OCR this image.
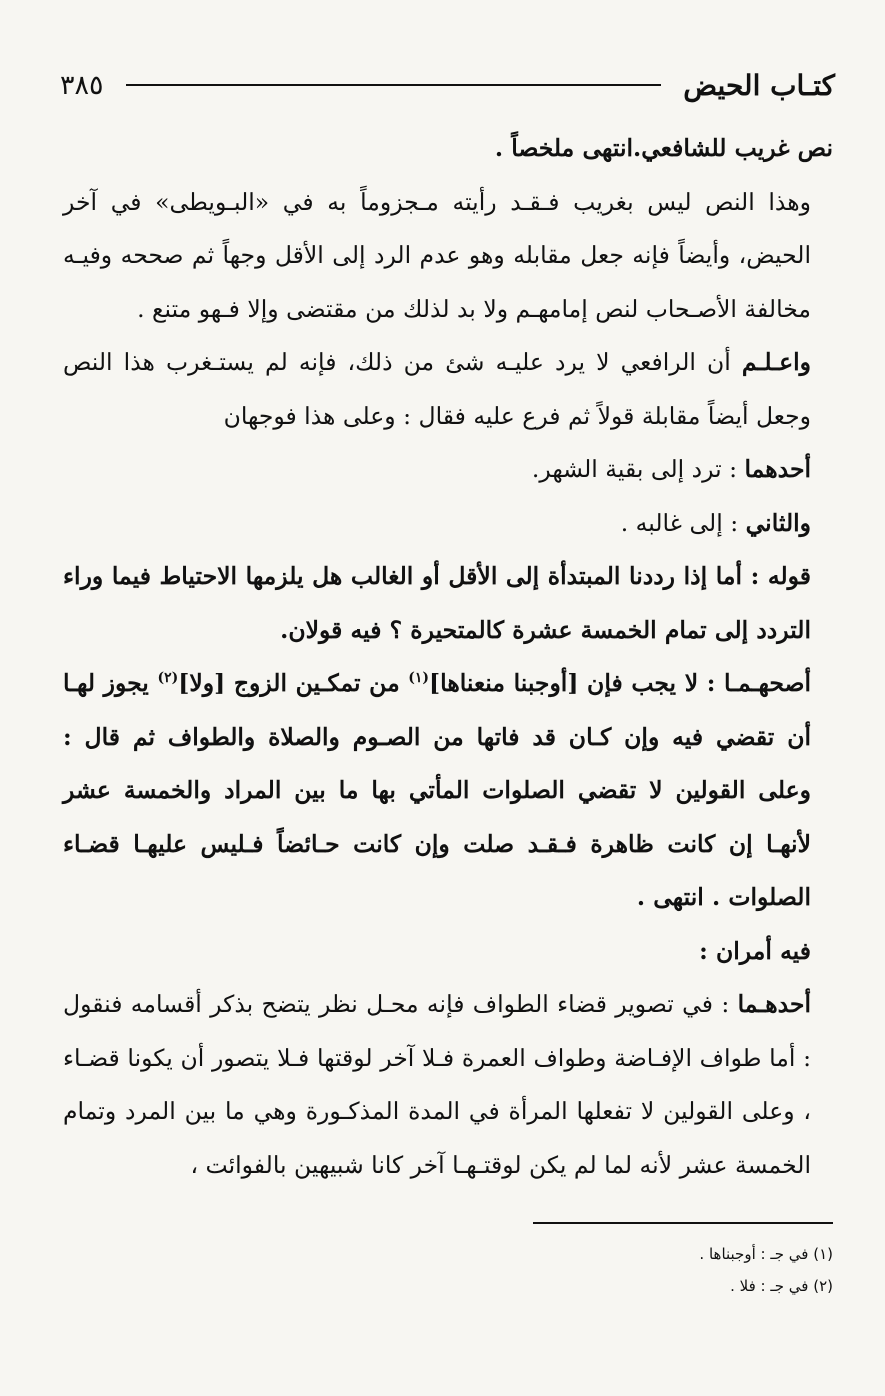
كتـاب الحيض
٣٨٥

نص غريب للشافعي.انتهى ملخصاً .

وهذا النص ليس بغريب فـقـد رأيته مـجزوماً به في «البـويطى» في آخر الحيض، وأيضاً فإنه جعل مقابله وهو عدم الرد إلى الأقل وجهاً ثم صححه وفيـه مخالفة الأصـحاب لنص إمامهـم ولا بد لذلك من مقتضى وإلا فـهو متنع .

واعـلـم أن الرافعي لا يرد عليـه شئ من ذلك، فإنه لم يستـغرب هذا النص وجعل أيضاً مقابلة قولاً ثم فرع عليه فقال : وعلى هذا فوجهان

أحدهما : ترد إلى بقية الشهر.

والثاني : إلى غالبه .

قوله : أما إذا رددنا المبتدأة إلى الأقل أو الغالب هل يلزمها الاحتياط فيما وراء التردد إلى تمام الخمسة عشرة كالمتحيرة ؟ فيه قولان.

أصحهـمـا : لا يجب فإن [أوجبنا منعناها]$^{(١)}$ من تمكـين الزوج [ولا]$^{(٢)}$ يجوز لهـا أن تقضي فيه وإن كـان قد فاتها من الصـوم والصلاة والطواف ثم قال : وعلى القولين لا تقضي الصلوات المأتي بها ما بين المراد والخمسة عشر لأنهـا إن كانت ظاهرة فـقـد صلت وإن كانت حـائضاً فـليس عليهـا قضـاء الصلوات . انتهى .

فيه أمران :

أحدهـما : في تصوير قضاء الطواف فإنه محـل نظر يتضح بذكر أقسامه فنقول : أما طواف الإفـاضة وطواف العمرة فـلا آخر لوقتها فـلا يتصور أن يكونا قضـاء ، وعلى القولين لا تفعلها المرأة في المدة المذكـورة وهي ما بين المرد وتمام الخمسة عشر لأنه لما لم يكن لوقتـهـا آخر كانا شبيهين بالفوائت ،

(١) في جـ : أوجبناها .
(٢) في جـ : فلا .
